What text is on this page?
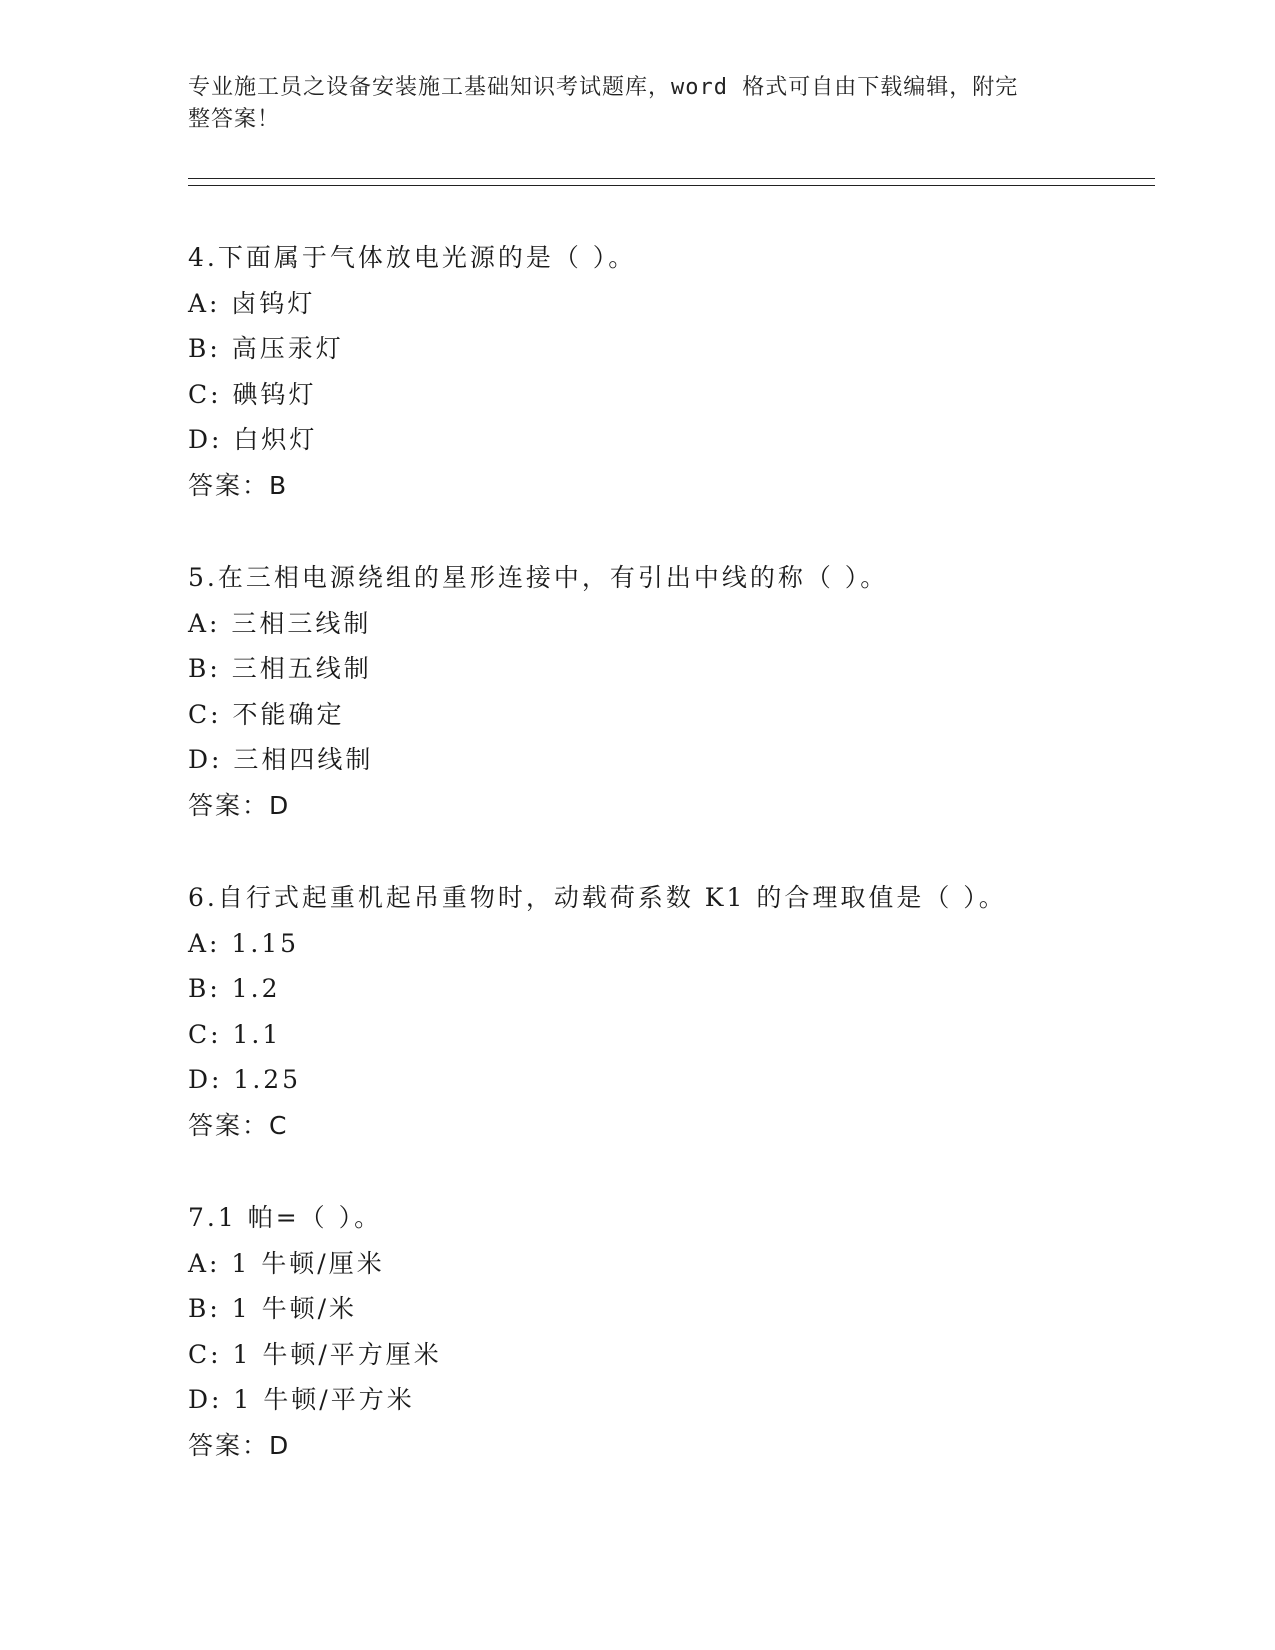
专业施工员之设备安装施工基础知识考试题库，word 格式可自由下载编辑，附完
整答案！
4.下面属于气体放电光源的是（ ）。
A: 卤钨灯
B: 高压汞灯
C: 碘钨灯
D: 白炽灯
答案：B
5.在三相电源绕组的星形连接中，有引出中线的称（ ）。
A: 三相三线制
B: 三相五线制
C: 不能确定
D: 三相四线制
答案：D
6.自行式起重机起吊重物时，动载荷系数 K1 的合理取值是（ ）。
A: 1.15
B: 1.2
C: 1.1
D: 1.25
答案：C
7.1 帕=（ ）。
A: 1 牛顿/厘米
B: 1 牛顿/米
C: 1 牛顿/平方厘米
D: 1 牛顿/平方米
答案：D
